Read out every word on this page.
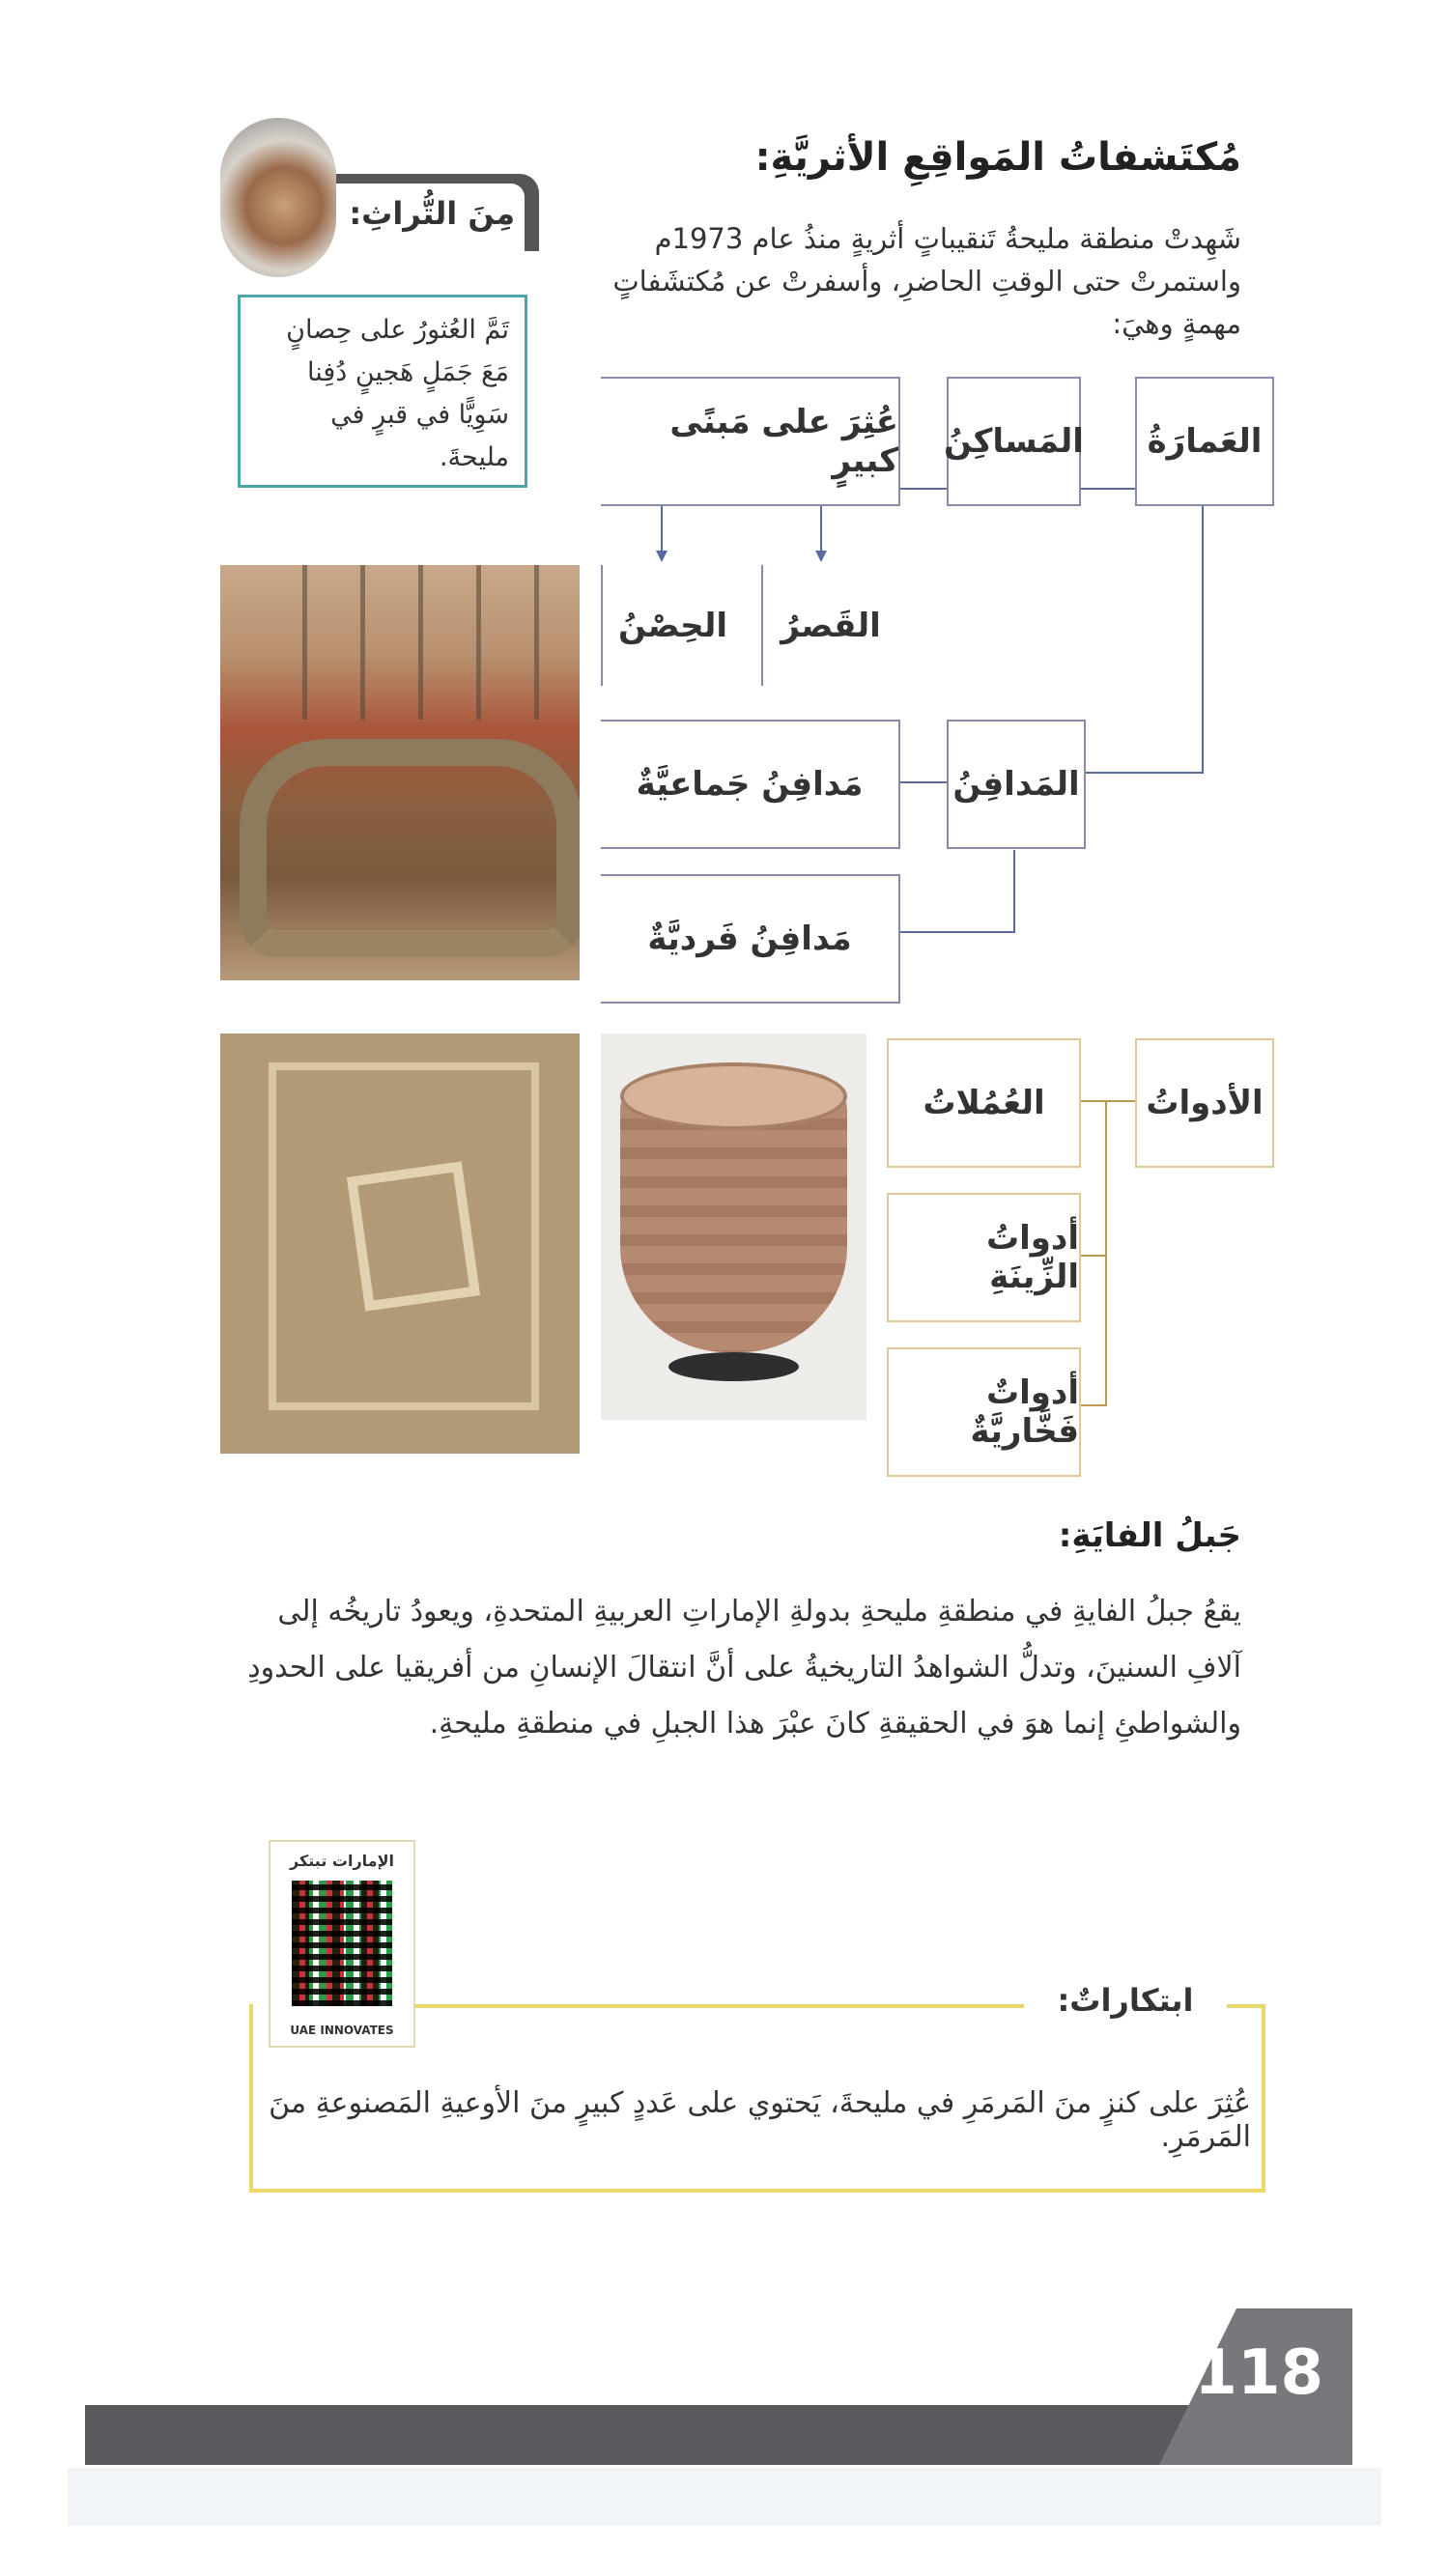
مِنَ التُّراثِ:
تَمَّ العُثورُ على حِصانٍ مَعَ جَمَلٍ هَجينٍ دُفِنا سَوِيًّا في قبرٍ في مليحةَ.
مُكتَشفاتُ المَواقِعِ الأثريَّةِ:
شَهِدتْ منطقة مليحةُ تَنقيباتٍ أثريةٍ منذُ عام 1973م واستمرتْ حتى الوقتِ الحاضرِ، وأسفرتْ عن مُكتشَفاتٍ مهمةٍ وهيَ:
العَمارَةُ
المَساكِنُ
عُثِرَ على مَبنًى كبيرٍ
القَصرُ
الحِصْنُ
المَدافِنُ
مَدافِنُ جَماعيَّةٌ
مَدافِنُ فَرديَّةٌ
الأدواتُ
العُمُلاتُ
أدواتُ الزِّينَةِ
أدواتٌ فَخَّاريَّةٌ
جَبلُ الفايَةِ:
يقعُ جبلُ الفايةِ في منطقةِ مليحةِ بدولةِ الإماراتِ العربيةِ المتحدةِ، ويعودُ تاريخُه إلى آلافِ السنينَ، وتدلُّ الشواهدُ التاريخيةُ على أنَّ انتقالَ الإنسانِ من أفريقيا على الحدودِ والشواطئِ إنما هوَ في الحقيقةِ كانَ عبْرَ هذا الجبلِ في منطقةِ مليحةِ.
ابتكاراتٌ:
عُثِرَ على كنزٍ منَ المَرمَرِ في مليحةَ، يَحتوي على عَددٍ كبيرٍ منَ الأوعيةِ المَصنوعةِ منَ المَرمَرِ.
الإمارات تبتكر
UAE INNOVATES
118
